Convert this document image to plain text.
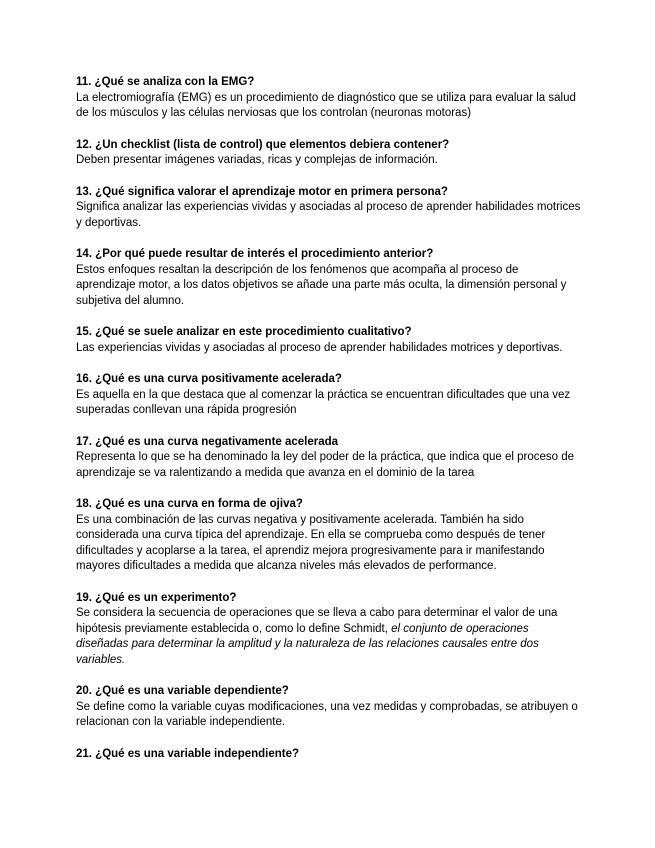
11. ¿Qué se analiza con la EMG?

La electromiografía (EMG) es un procedimiento de diagnóstico que se utiliza para evaluar la salud de los músculos y las células nerviosas que los controlan (neuronas motoras)

12. ¿Un checklist (lista de control) que elementos debiera contener?

Deben presentar imágenes variadas, ricas y complejas de información.

13. ¿Qué significa valorar el aprendizaje motor en primera persona?

Significa analizar las experiencias vividas y asociadas al proceso de aprender habilidades motrices y deportivas.

14. ¿Por qué puede resultar de interés el procedimiento anterior?

Estos enfoques resaltan la descripción de los fenómenos que acompaña al proceso de aprendizaje motor, a los datos objetivos se añade una parte más oculta, la dimensión personal y subjetiva del alumno.

15. ¿Qué se suele analizar en este procedimiento cualitativo?

Las experiencias vividas y asociadas al proceso de aprender habilidades motrices y deportivas.

16. ¿Qué es una curva positivamente acelerada?

Es aquella en la que destaca que al comenzar la práctica se encuentran dificultades que una vez superadas conllevan una rápida progresión

17. ¿Qué es una curva negativamente acelerada

Representa lo que se ha denominado la ley del poder de la práctica, que indica que el proceso de aprendizaje se va ralentizando a medida que avanza en el dominio de la tarea

18. ¿Qué es una curva en forma de ojiva?

Es una combinación de las curvas negativa y positivamente acelerada. También ha sido considerada una curva típica del aprendizaje. En ella se comprueba como después de tener dificultades y acoplarse a la tarea, el aprendiz mejora progresivamente para ir manifestando mayores dificultades a medida que alcanza niveles más elevados de performance.

19. ¿Qué es un experimento?

Se considera la secuencia de operaciones que se lleva a cabo para determinar el valor de una hipótesis previamente establecida o, como lo define Schmidt, el conjunto de operaciones diseñadas para determinar la amplitud y la naturaleza de las relaciones causales entre dos variables.

20. ¿Qué es una variable dependiente?

Se define como la variable cuyas modificaciones, una vez medidas y comprobadas, se atribuyen o relacionan con la variable independiente.

21. ¿Qué es una variable independiente?
